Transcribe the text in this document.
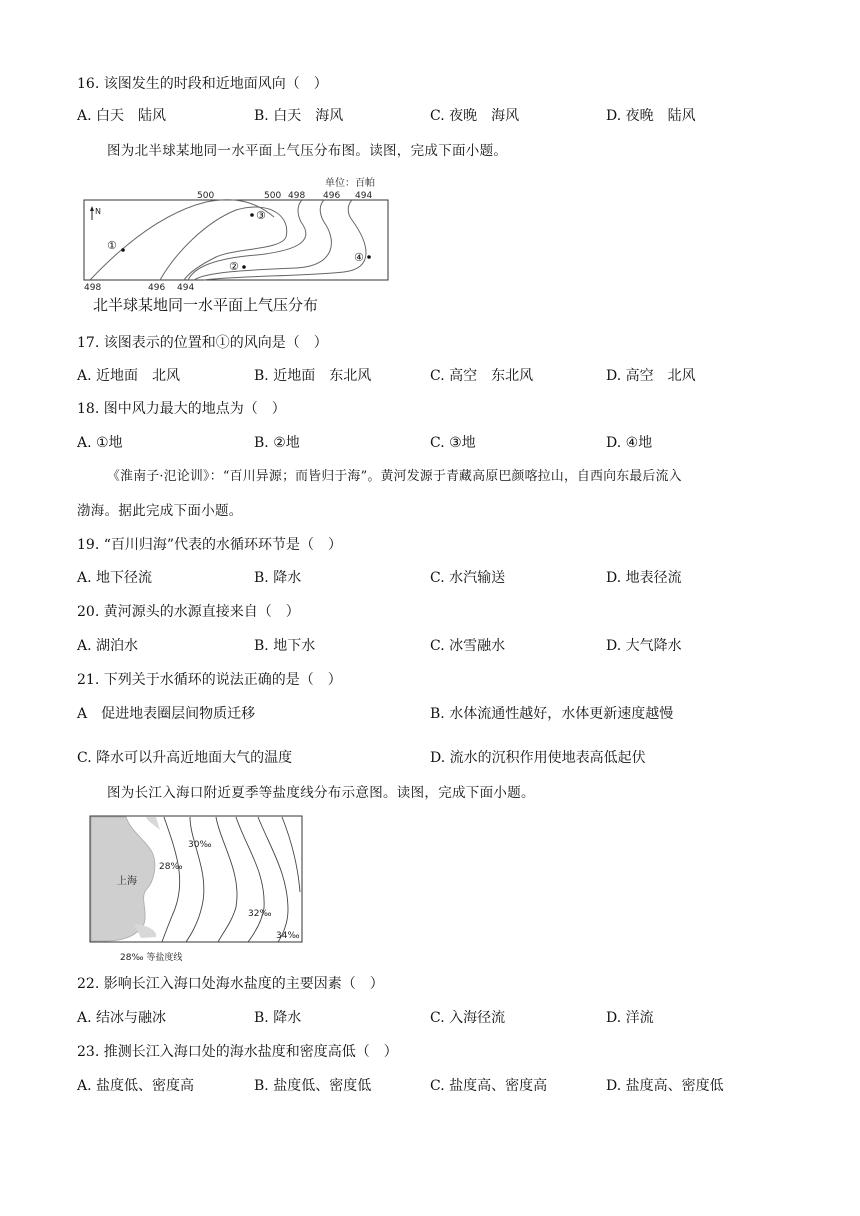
16. 该图发生的时段和近地面风向（　）
A. 白天　陆风	B. 白天　海风	C. 夜晚　海风	D. 夜晚　陆风
图为北半球某地同一水平面上气压分布图。读图，完成下面小题。
单位：百帕
500	500 498 496 494
498	496 494
N
①
②
③
④
北半球某地同一水平面上气压分布
17. 该图表示的位置和①的风向是（　）
A. 近地面　北风	B. 近地面　东北风	C. 高空　东北风	D. 高空　北风
18. 图中风力最大的地点为（　）
A. ①地	B. ②地	C. ③地	D. ④地
《淮南子·氾论训》：“百川异源；而皆归于海”。黄河发源于青藏高原巴颜喀拉山，自西向东最后流入
渤海。据此完成下面小题。
19. “百川归海”代表的水循环环节是（　）
A. 地下径流	B. 降水	C. 水汽输送	D. 地表径流
20. 黄河源头的水源直接来自（　）
A. 湖泊水	B. 地下水	C. 冰雪融水	D. 大气降水
21. 下列关于水循环的说法正确的是（　）
A　促进地表圈层间物质迁移	B. 水体流通性越好，水体更新速度越慢
C. 降水可以升高近地面大气的温度	D. 流水的沉积作用使地表高低起伏
图为长江入海口附近夏季等盐度线分布示意图。读图，完成下面小题。
上海
30‰
28‰
32‰
34‰
28‰ 等盐度线
22. 影响长江入海口处海水盐度的主要因素（　）
A. 结冰与融冰	B. 降水	C. 入海径流	D. 洋流
23. 推测长江入海口处的海水盐度和密度高低（　）
A. 盐度低、密度高	B. 盐度低、密度低	C. 盐度高、密度高	D. 盐度高、密度低
